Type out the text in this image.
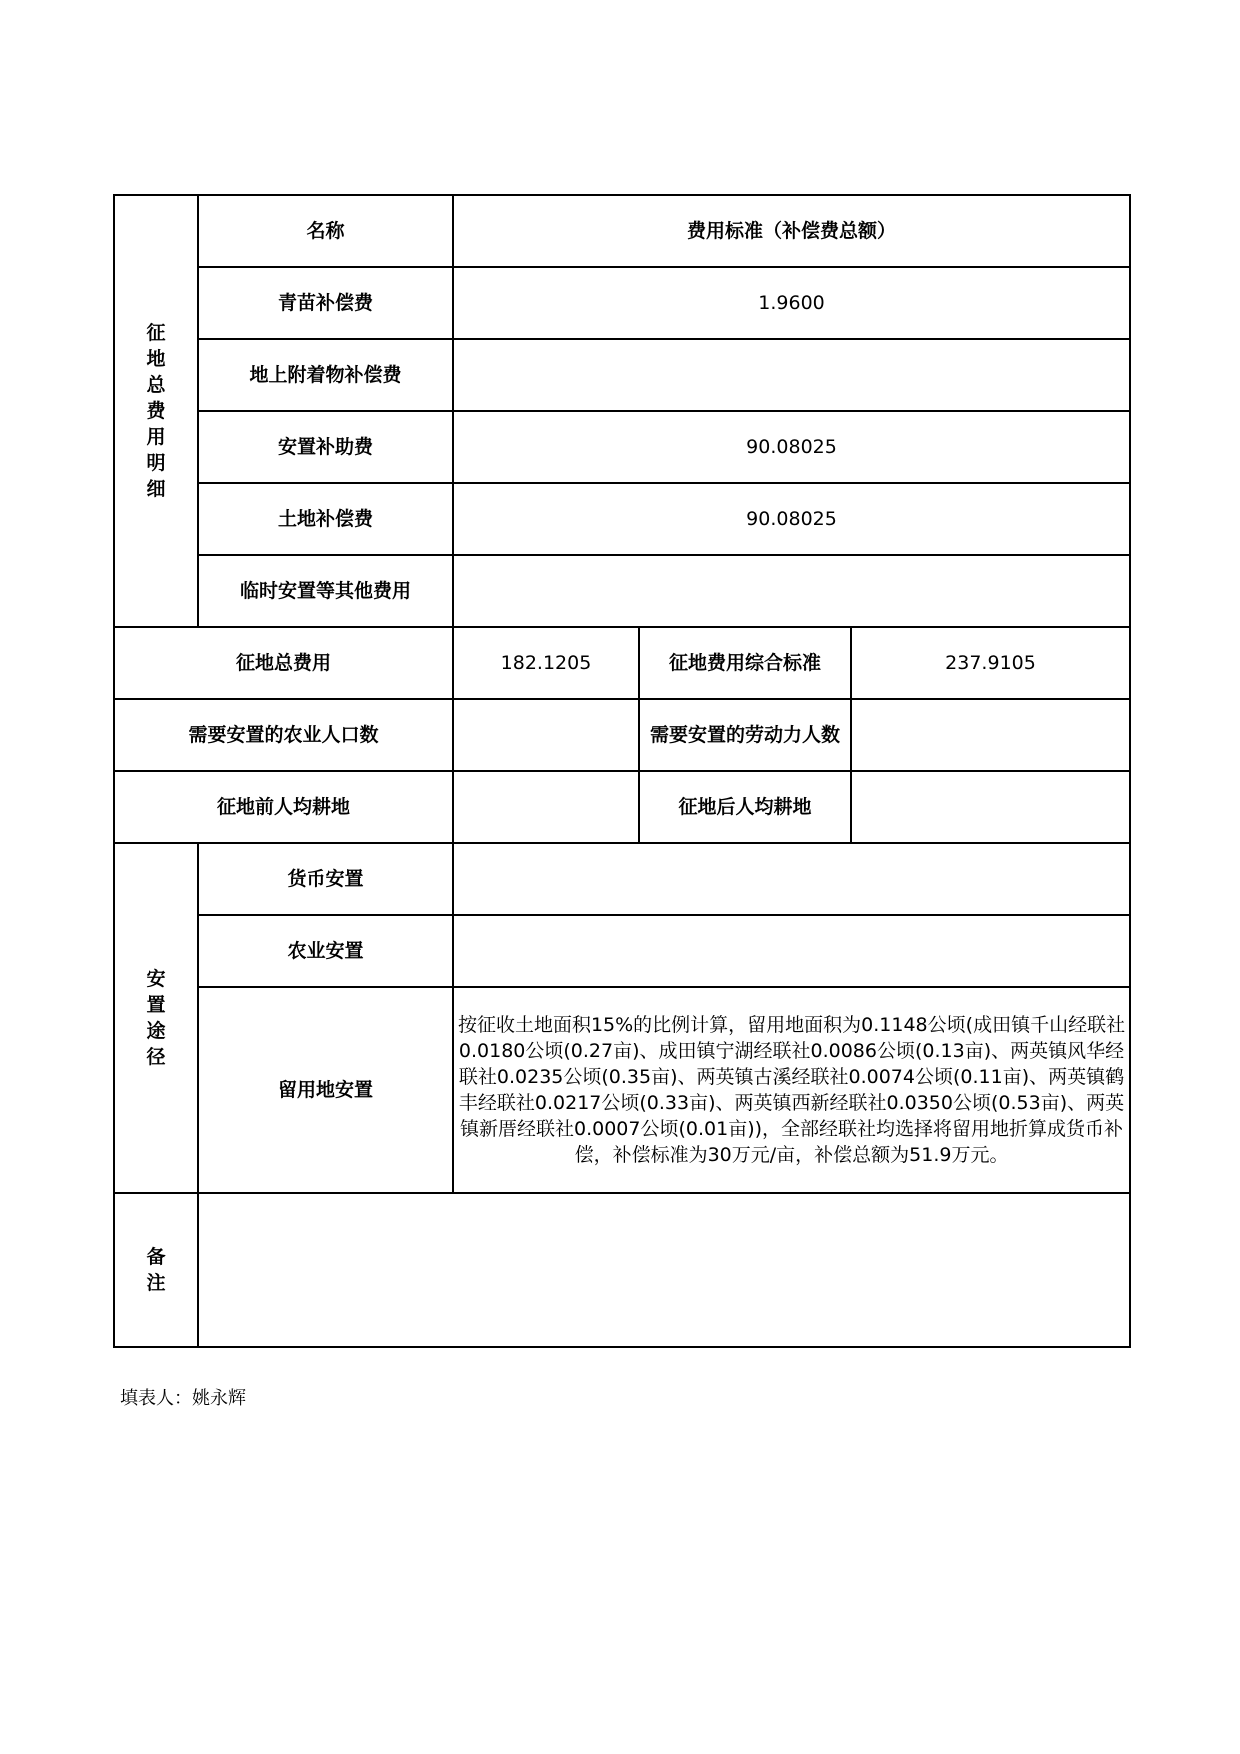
征地总费用明细	名称	费用标准（补偿费总额）		
	青苗补偿费	1.9600		
	地上附着物补偿费			
	安置补助费	90.08025		
	土地补偿费	90.08025		
	临时安置等其他费用			
征地总费用		182.1205	征地费用综合标准	237.9105
需要安置的农业人口数			需要安置的劳动力人数	
征地前人均耕地			征地后人均耕地	

安置途径	货币安置			
	农业安置			
	留用地安置	按征收土地面积15%的比例计算，留用地面积为0.1148公顷(成田镇千山经联社0.0180公顷(0.27亩)、成田镇宁湖经联社0.0086公顷(0.13亩)、两英镇风华经联社0.0235公顷(0.35亩)、两英镇古溪经联社0.0074公顷(0.11亩)、两英镇鹤丰经联社0.0217公顷(0.33亩)、两英镇西新经联社0.0350公顷(0.53亩)、两英镇新厝经联社0.0007公顷(0.01亩))，全部经联社均选择将留用地折算成货币补偿，补偿标准为30万元/亩，补偿总额为51.9万元。		

备注				

填表人：姚永辉
